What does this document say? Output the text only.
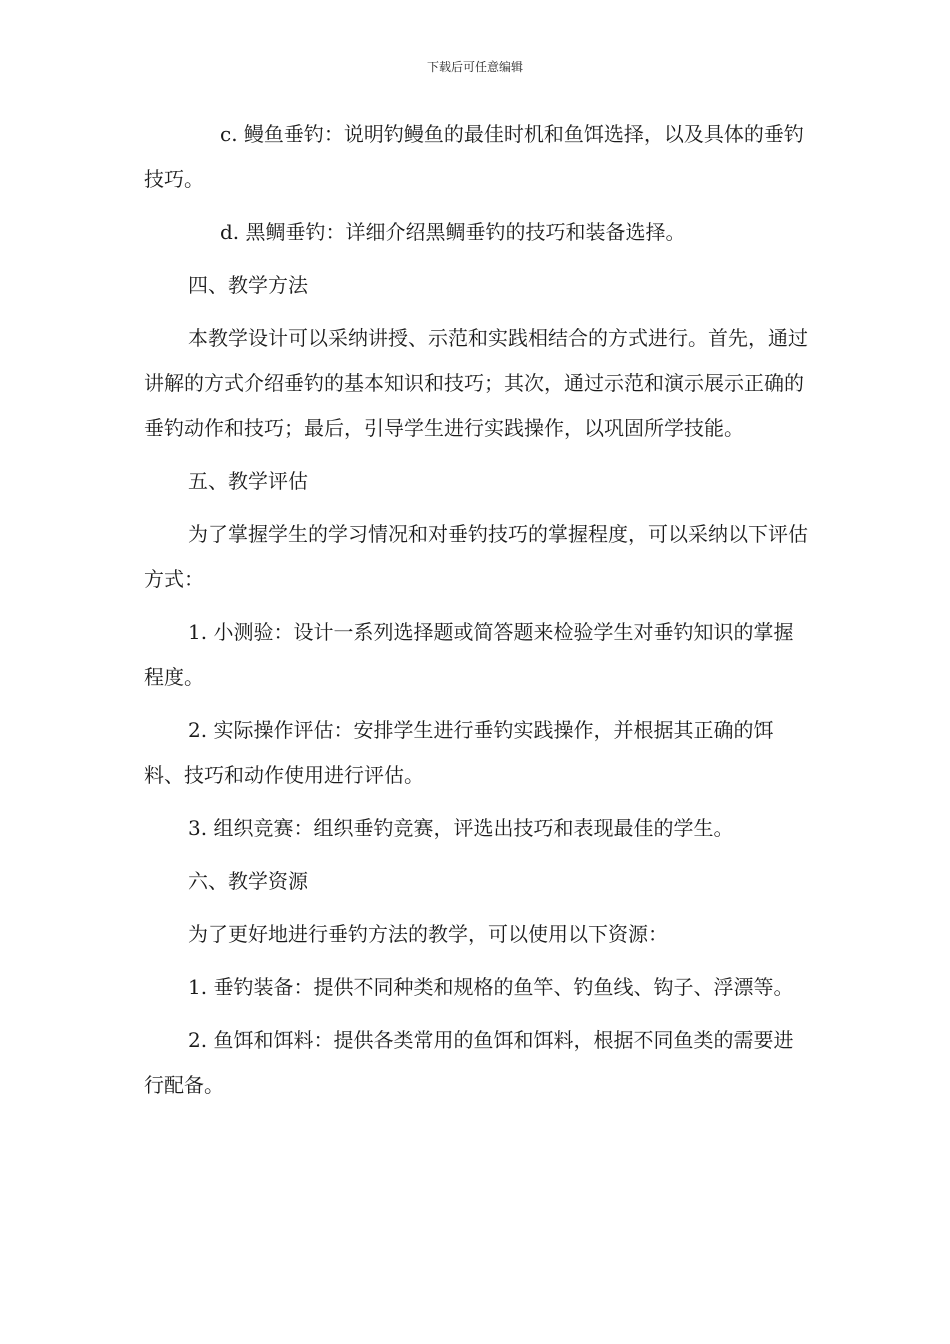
下载后可任意编辑

c. 鳗鱼垂钓：说明钓鳗鱼的最佳时机和鱼饵选择，以及具体的垂钓技巧。

d. 黑鲷垂钓：详细介绍黑鲷垂钓的技巧和装备选择。

四、教学方法

本教学设计可以采纳讲授、示范和实践相结合的方式进行。首先，通过讲解的方式介绍垂钓的基本知识和技巧；其次，通过示范和演示展示正确的垂钓动作和技巧；最后，引导学生进行实践操作，以巩固所学技能。

五、教学评估

为了掌握学生的学习情况和对垂钓技巧的掌握程度，可以采纳以下评估方式：

1. 小测验：设计一系列选择题或简答题来检验学生对垂钓知识的掌握程度。

2. 实际操作评估：安排学生进行垂钓实践操作，并根据其正确的饵料、技巧和动作使用进行评估。

3. 组织竞赛：组织垂钓竞赛，评选出技巧和表现最佳的学生。

六、教学资源

为了更好地进行垂钓方法的教学，可以使用以下资源：

1. 垂钓装备：提供不同种类和规格的鱼竿、钓鱼线、钩子、浮漂等。

2. 鱼饵和饵料：提供各类常用的鱼饵和饵料，根据不同鱼类的需要进行配备。
